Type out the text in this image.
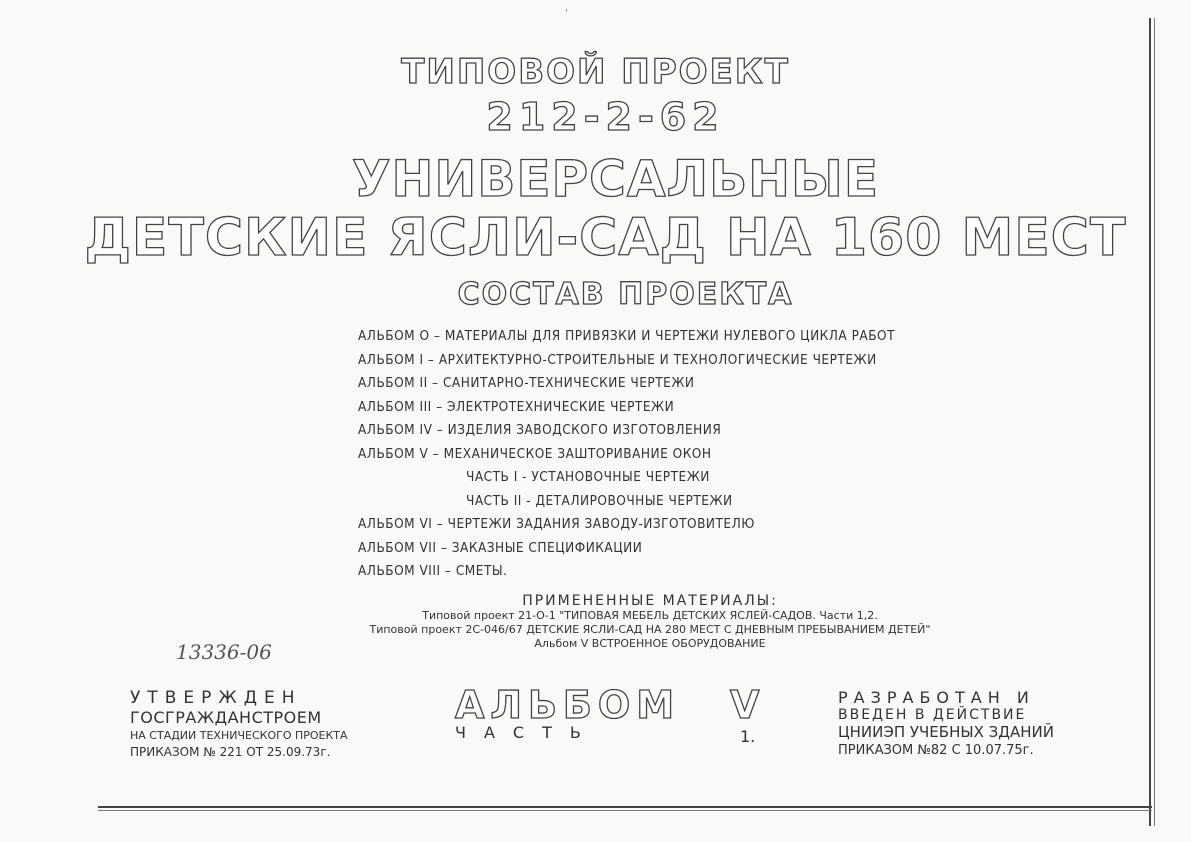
'
ТИПОВОЙ ПРОЕКТ
212-2-62
УНИВЕРСАЛЬНЫЕ
ДЕТСКИЕ ЯСЛИ-САД НА 160 МЕСТ
СОСТАВ ПРОЕКТА
АЛЬБОМ О – МАТЕРИАЛЫ ДЛЯ ПРИВЯЗКИ И ЧЕРТЕЖИ НУЛЕВОГО ЦИКЛА РАБОТ
АЛЬБОМ I – АРХИТЕКТУРНО-СТРОИТЕЛЬНЫЕ И ТЕХНОЛОГИЧЕСКИЕ ЧЕРТЕЖИ
АЛЬБОМ II – САНИТАРНО-ТЕХНИЧЕСКИЕ ЧЕРТЕЖИ
АЛЬБОМ III – ЭЛЕКТРОТЕХНИЧЕСКИЕ ЧЕРТЕЖИ
АЛЬБОМ IV – ИЗДЕЛИЯ ЗАВОДСКОГО ИЗГОТОВЛЕНИЯ
АЛЬБОМ V – МЕХАНИЧЕСКОЕ ЗАШТОРИВАНИЕ ОКОН
ЧАСТЬ I - УСТАНОВОЧНЫЕ ЧЕРТЕЖИ
ЧАСТЬ II - ДЕТАЛИРОВОЧНЫЕ ЧЕРТЕЖИ
АЛЬБОМ VI – ЧЕРТЕЖИ ЗАДАНИЯ ЗАВОДУ-ИЗГОТОВИТЕЛЮ
АЛЬБОМ VII – ЗАКАЗНЫЕ СПЕЦИФИКАЦИИ
АЛЬБОМ VIII – СМЕТЫ.
ПРИМЕНЕННЫЕ МАТЕРИАЛЫ:
Типовой проект 21-О-1 "ТИПОВАЯ МЕБЕЛЬ ДЕТСКИХ ЯСЛЕЙ-САДОВ. Части 1,2.
Типовой проект 2С-046/67 ДЕТСКИЕ ЯСЛИ-САД НА 280 МЕСТ С ДНЕВНЫМ ПРЕБЫВАНИЕМ ДЕТЕЙ"
Альбом V ВСТРОЕННОЕ ОБОРУДОВАНИЕ
13336-06
УТВЕРЖДЕН
ГОСГРАЖДАНСТРОЕМ
НА СТАДИИ ТЕХНИЧЕСКОГО ПРОЕКТА
ПРИКАЗОМ № 221 ОТ 25.09.73г.
АЛЬБОМ	V
ЧАСТЬ	1.
РАЗРАБОТАН И
ВВЕДЕН В ДЕЙСТВИЕ
ЦНИИЭП УЧЕБНЫХ ЗДАНИЙ
ПРИКАЗОМ №82 С 10.07.75г.
